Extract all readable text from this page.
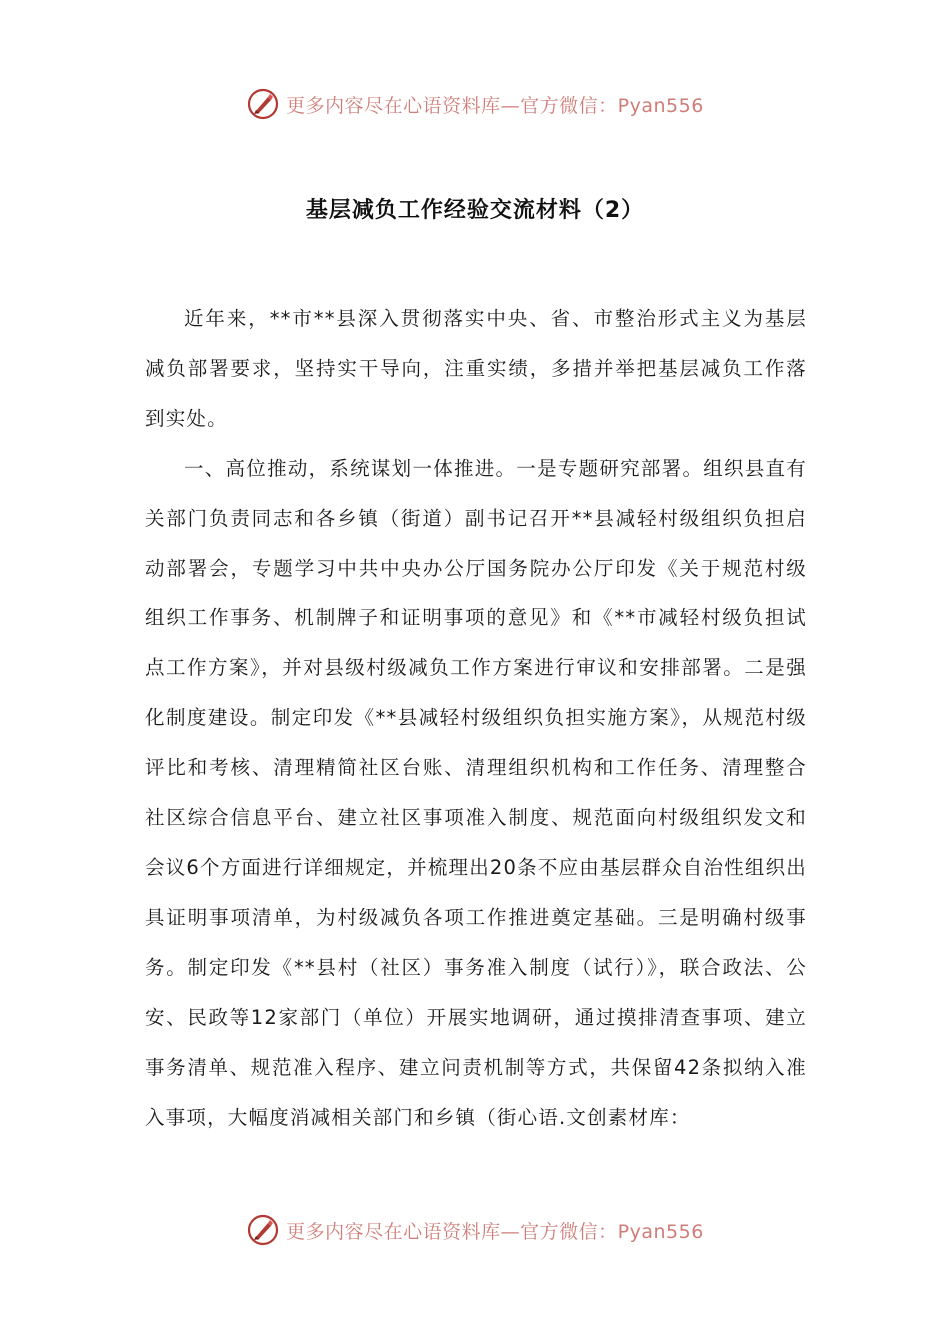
更多内容尽在心语资料库—官方微信：Pyan556
基层减负工作经验交流材料（2）

近年来，**市**县深入贯彻落实中央、省、市整治形式主义为基层减负部署要求，坚持实干导向，注重实绩，多措并举把基层减负工作落到实处。

一、高位推动，系统谋划一体推进。一是专题研究部署。组织县直有关部门负责同志和各乡镇（街道）副书记召开**县减轻村级组织负担启动部署会，专题学习中共中央办公厅国务院办公厅印发《关于规范村级组织工作事务、机制牌子和证明事项的意见》和《**市减轻村级负担试点工作方案》，并对县级村级减负工作方案进行审议和安排部署。二是强化制度建设。制定印发《**县减轻村级组织负担实施方案》，从规范村级评比和考核、清理精简社区台账、清理组织机构和工作任务、清理整合社区综合信息平台、建立社区事项准入制度、规范面向村级组织发文和会议6个方面进行详细规定，并梳理出20条不应由基层群众自治性组织出具证明事项清单，为村级减负各项工作推进奠定基础。三是明确村级事务。制定印发《**县村（社区）事务准入制度（试行）》，联合政法、公安、民政等12家部门（单位）开展实地调研，通过摸排清查事项、建立事务清单、规范准入程序、建立问责机制等方式，共保留42条拟纳入准入事项，大幅度消减相关部门和乡镇（街心语.文创素材库：

更多内容尽在心语资料库—官方微信：Pyan556
